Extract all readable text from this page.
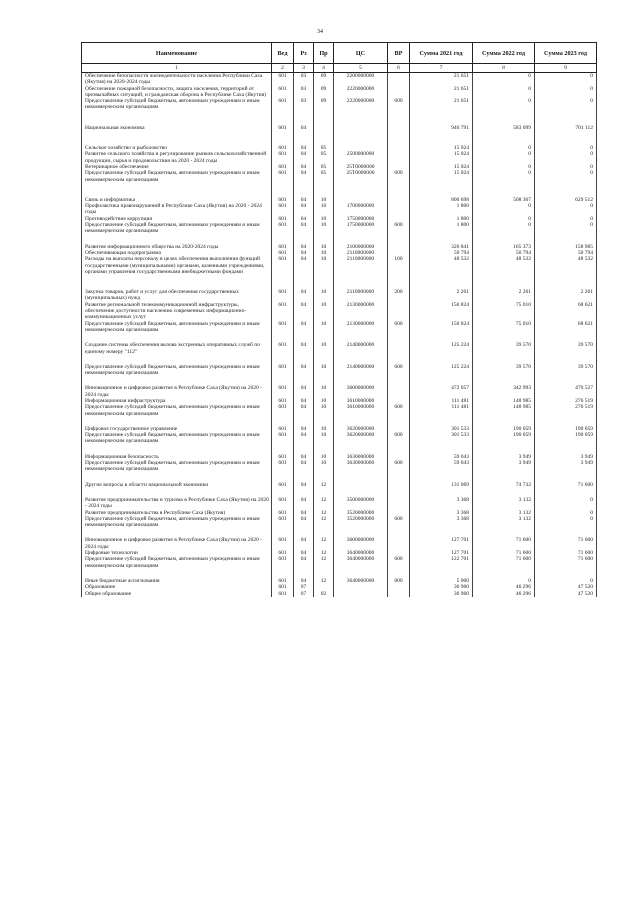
34
Наименование	Вед	Рз	Пр	ЦС	ВР	Сумма 2021 год	Сумма 2022 год	Сумма 2023 год
1	2	3	4	5	6	7	8	9
Обеспечение безопасности жизнедеятельности населения Республики Саха (Якутия) на 2020-2024 годы	601	03	09	2200000000		21 651	0	0
Обеспечение пожарной безопасности, защита населения, территорий от чрезвычайных ситуаций, и гражданская оборона в Республике Саха (Якутия)	601	03	09	2220000000		21 651	0	0
Предоставление субсидий бюджетным, автономным учреждениям и иным некоммерческим организациям	601	03	09	2220000000	600	21 651	0	0

Национальная экономика	601	04				946 791	583 099	701 112

Сельское хозяйство и рыболовство	601	04	05			15 024	0	0
Развитие сельского хозяйства и регулирование рынков сельскохозяйственной продукции, сырья и продовольствия на 2020 - 2024 годы	601	04	05	2500000000		15 024	0	0
Ветеринарное обеспечение	601	04	05	25Т0000000		15 024	0	0
Предоставление субсидий бюджетным, автономным учреждениям и иным некоммерческим организациям	601	04	05	25Т0000000	600	15 024	0	0

Связь и информатика	601	04	10			800 698	508 367	629 512
Профилактика правонарушений в Республике Саха (Якутия) на 2020 - 2024 годы	601	04	10	1700000000		1 800	0	0
Противодействие коррупции	601	04	10	1750000000		1 800	0	0
Предоставление субсидий бюджетным, автономным учреждениям и иным некоммерческим организациям	601	04	10	1750000000	600	1 800	0	0

Развитие информационного общества на 2020-2024 годы	601	04	10	2100000000		326 841	165 373	158 985
Обеспечивающая подпрограмма	601	04	10	2110000000		50 794	50 794	50 794
Расходы на выплаты персоналу в целях обеспечения выполнения функций государственными (муниципальными) органами, казенными учреждениями, органами управления государственными внебюджетными фондами	601	04	10	2110000000	100	48 532	48 532	48 532

Закупка товаров, работ и услуг для обеспечения государственных (муниципальных) нужд	601	04	10	2110000000	200	2 261	2 261	2 261
Развитие региональной телекоммуникационной инфраструктуры, обеспечение доступности населению современных информационно-коммуникационных услуг	601	04	10	2130000000		150 824	75 010	68 621
Предоставление субсидий бюджетным, автономным учреждениям и иным некоммерческим организациям	601	04	10	2130000000	600	150 824	75 010	68 621

Создание системы обеспечения вызова экстренных оперативных служб по единому номеру "112"	601	04	10	2140000000		125 224	39 570	39 570

Предоставление субсидий бюджетным, автономным учреждениям и иным некоммерческим организациям	601	04	10	2140000000	600	125 224	39 570	39 570

Инновационное и цифровое развитие в Республике Саха (Якутия) на 2020 - 2024 годы	601	04	10	3600000000		472 057	342 993	470 527
Информационная инфраструктура	601	04	10	3610000000		111 481	148 985	276 519
Предоставление субсидий бюджетным, автономным учреждениям и иным некоммерческим организациям	601	04	10	3610000000	600	111 481	148 985	276 519

Цифровое государственное управление	601	04	10	3620000000		301 533	190 059	190 059
Предоставление субсидий бюджетным, автономным учреждениям и иным некоммерческим организациям	601	04	10	3620000000	600	301 533	190 059	190 059

Информационная безопасность	601	04	10	3630000000		59 043	3 949	3 949
Предоставление субсидий бюджетным, автономным учреждениям и иным некоммерческим организациям	601	04	10	3630000000	600	59 043	3 949	3 949

Другие вопросы в области национальной экономики	601	04	12			131 069	74 732	71 600

Развитие предпринимательства и туризма в Республике Саха (Якутия) на 2020 - 2024 годы	601	04	12	3500000000		3 368	3 132	0
Развитие предпринимательства в Республике Саха (Якутия)	601	04	12	3520000000		3 368	3 132	0
Предоставление субсидий бюджетным, автономным учреждениям и иным некоммерческим организациям	601	04	12	3520000000	600	3 368	3 132	0

Инновационное и цифровое развитие в Республике Саха (Якутия) на 2020 - 2024 годы	601	04	12	3600000000		127 701	71 600	71 600
Цифровые технологии	601	04	12	3640000000		127 701	71 600	71 600
Предоставление субсидий бюджетным, автономным учреждениям и иным некоммерческим организациям	601	04	12	3640000000	600	122 701	71 600	71 600

Иные бюджетные ассигнования	601	04	12	3640000000	800	5 000	0	0
Образование	601	07				36 960	46 296	47 520
Общее образование	601	07	02			36 960	46 296	47 520
